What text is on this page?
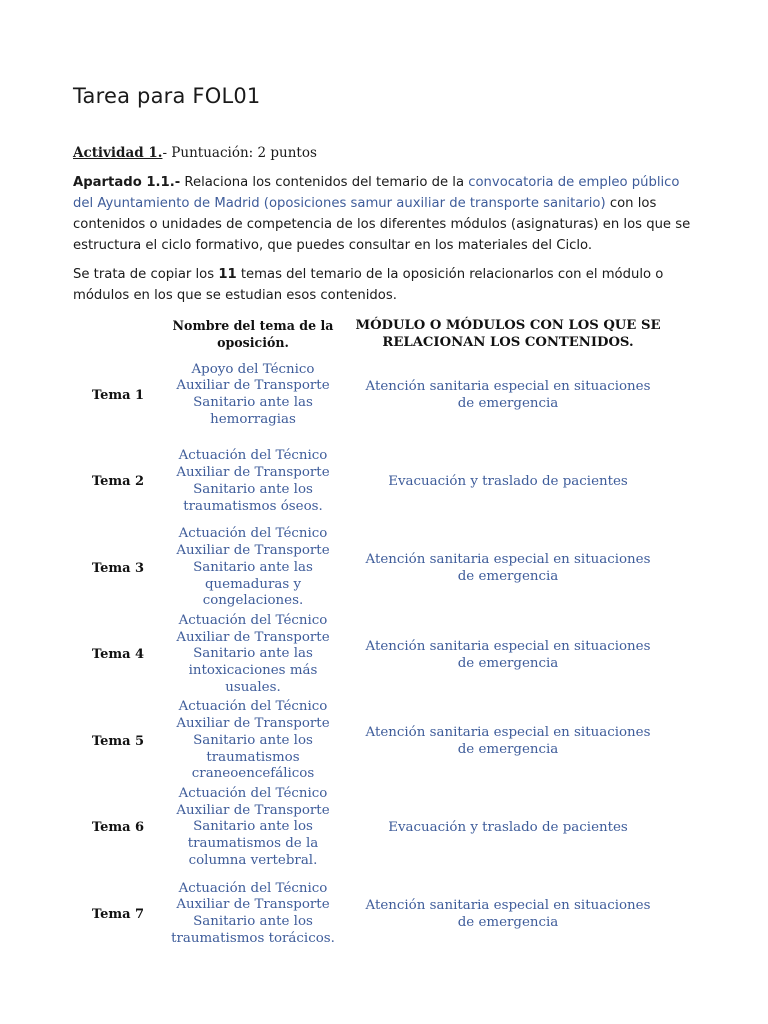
Tarea para FOL01
Actividad 1.- Puntuación: 2 puntos
Apartado 1.1.- Relaciona los contenidos del temario de la convocatoria de empleo público del Ayuntamiento de Madrid (oposiciones samur auxiliar de transporte sanitario) con los contenidos o unidades de competencia de los diferentes módulos (asignaturas) en los que se estructura el ciclo formativo, que puedes consultar en los materiales del Ciclo.
Se trata de copiar los 11 temas del temario de la oposición relacionarlos con el módulo o módulos en los que se estudian esos contenidos.
	Nombre del tema de la oposición.	MÓDULO O MÓDULOS CON LOS QUE SE RELACIONAN LOS CONTENIDOS.
Tema 1	Apoyo del Técnico Auxiliar de Transporte Sanitario ante las hemorragias	Atención sanitaria especial en situaciones de emergencia
Tema 2	Actuación del Técnico Auxiliar de Transporte Sanitario ante los traumatismos óseos.	Evacuación y traslado de pacientes
Tema 3	Actuación del Técnico Auxiliar de Transporte Sanitario ante las quemaduras y congelaciones.	Atención sanitaria especial en situaciones de emergencia
Tema 4	Actuación del Técnico Auxiliar de Transporte Sanitario ante las intoxicaciones más usuales.	Atención sanitaria especial en situaciones de emergencia
Tema 5	Actuación del Técnico Auxiliar de Transporte Sanitario ante los traumatismos craneoencefálicos	Atención sanitaria especial en situaciones de emergencia
Tema 6	Actuación del Técnico Auxiliar de Transporte Sanitario ante los traumatismos de la columna vertebral.	Evacuación y traslado de pacientes
Tema 7	Actuación del Técnico Auxiliar de Transporte Sanitario ante los traumatismos torácicos.	Atención sanitaria especial en situaciones de emergencia
